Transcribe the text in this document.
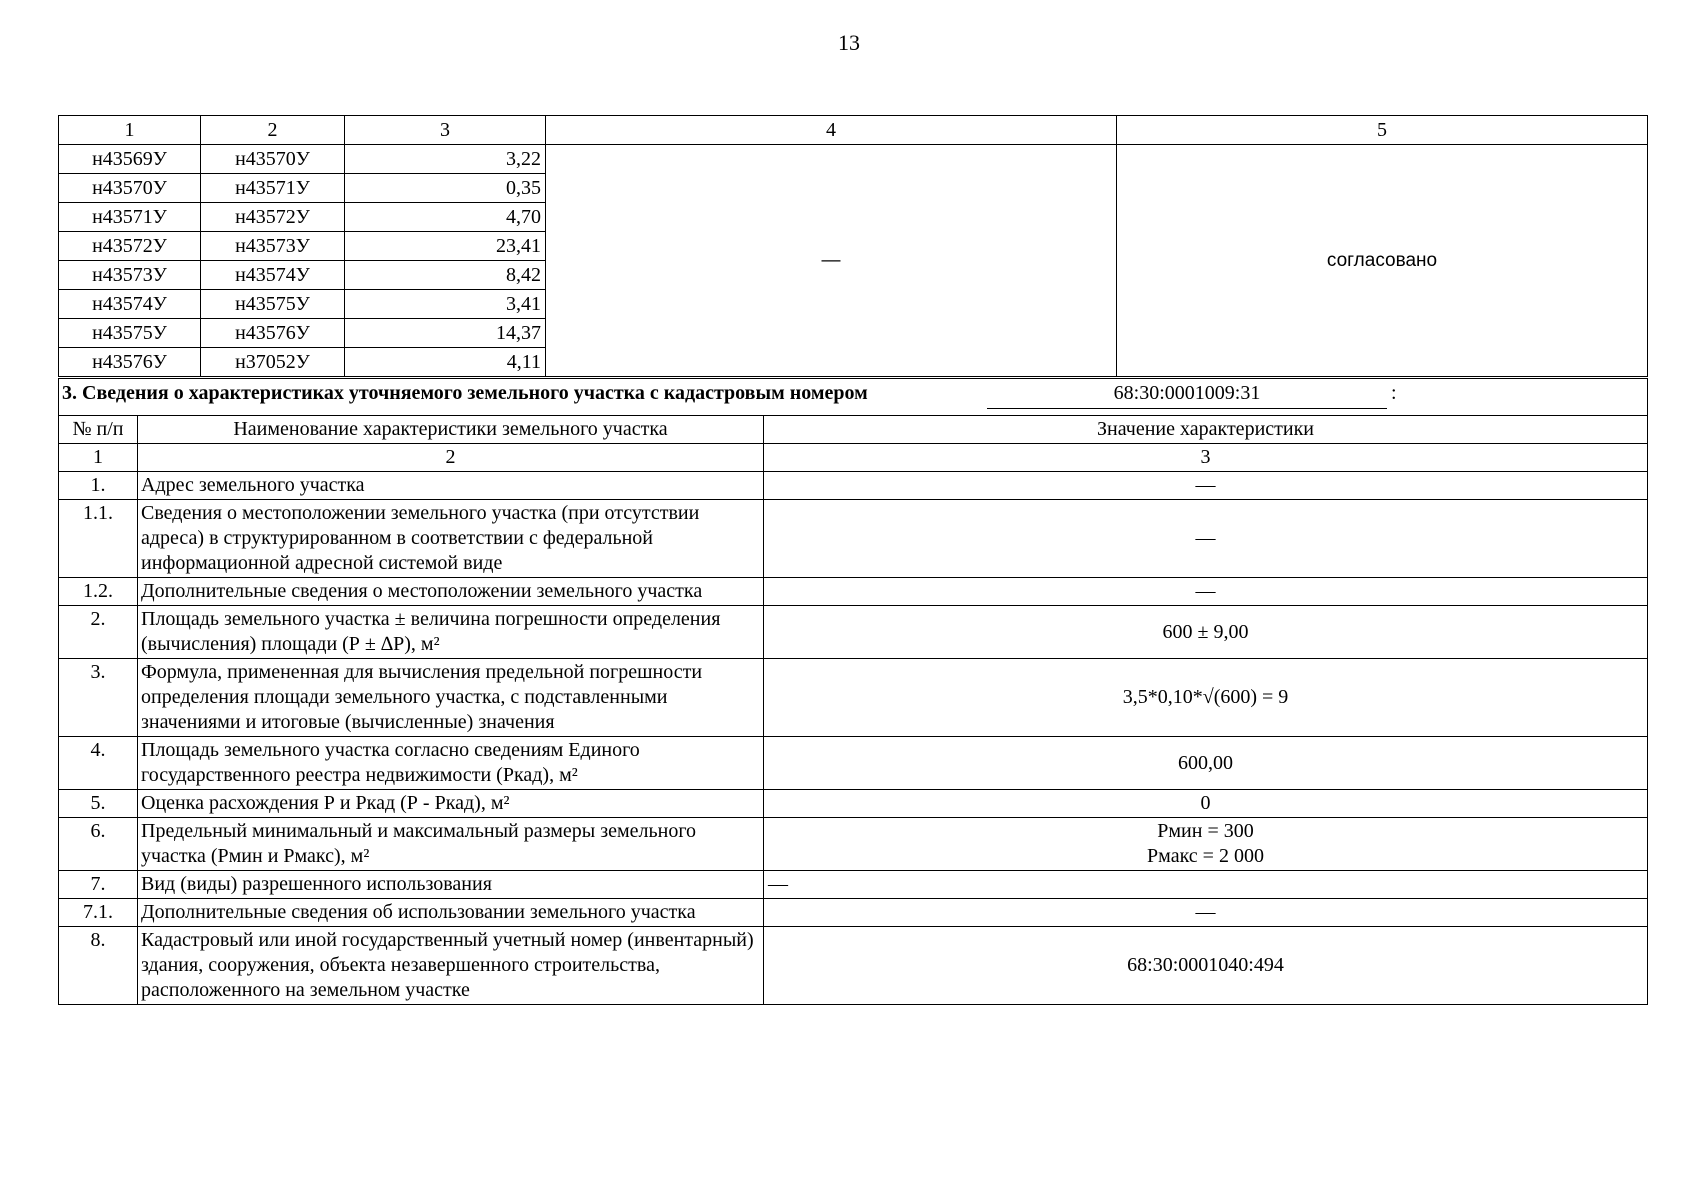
13
1	2	3	4	5
н43569У	н43570У	3,22	—	согласовано
н43570У	н43571У	0,35		
н43571У	н43572У	4,70		
н43572У	н43573У	23,41		
н43573У	н43574У	8,42		
н43574У	н43575У	3,41		
н43575У	н43576У	14,37		
н43576У	н37052У	4,11		
3. Сведения о характеристиках уточняемого земельного участка с кадастровым номером 68:30:0001009:31 :		

№ п/п	Наименование характеристики земельного участка	Значение характеристики
1	2	3
1.	Адрес земельного участка	—
1.1.	Сведения о местоположении земельного участка (при отсутствии адреса) в структурированном в соответствии с федеральной информационной адресной системой виде	—
1.2.	Дополнительные сведения о местоположении земельного участка	—
2.	Площадь земельного участка ± величина погрешности определения (вычисления) площади (Р ± ∆Р), м²	600 ± 9,00
3.	Формула, примененная для вычисления предельной погрешности определения площади земельного участка, с подставленными значениями и итоговые (вычисленные) значения	3,5*0,10*√(600) = 9
4.	Площадь земельного участка согласно сведениям Единого государственного реестра недвижимости (Ркад), м²	600,00
5.	Оценка расхождения Р и Ркад (Р - Ркад), м²	0
6.	Предельный минимальный и максимальный размеры земельного участка (Рмин и Рмакс), м²	Рмин = 300
Рмакс = 2 000

7.	Вид (виды) разрешенного использования	—
7.1.	Дополнительные сведения об использовании земельного участка	—
8.	Кадастровый или иной государственный учетный номер (инвентарный) здания, сооружения, объекта незавершенного строительства, расположенного на земельном участке	68:30:0001040:494
